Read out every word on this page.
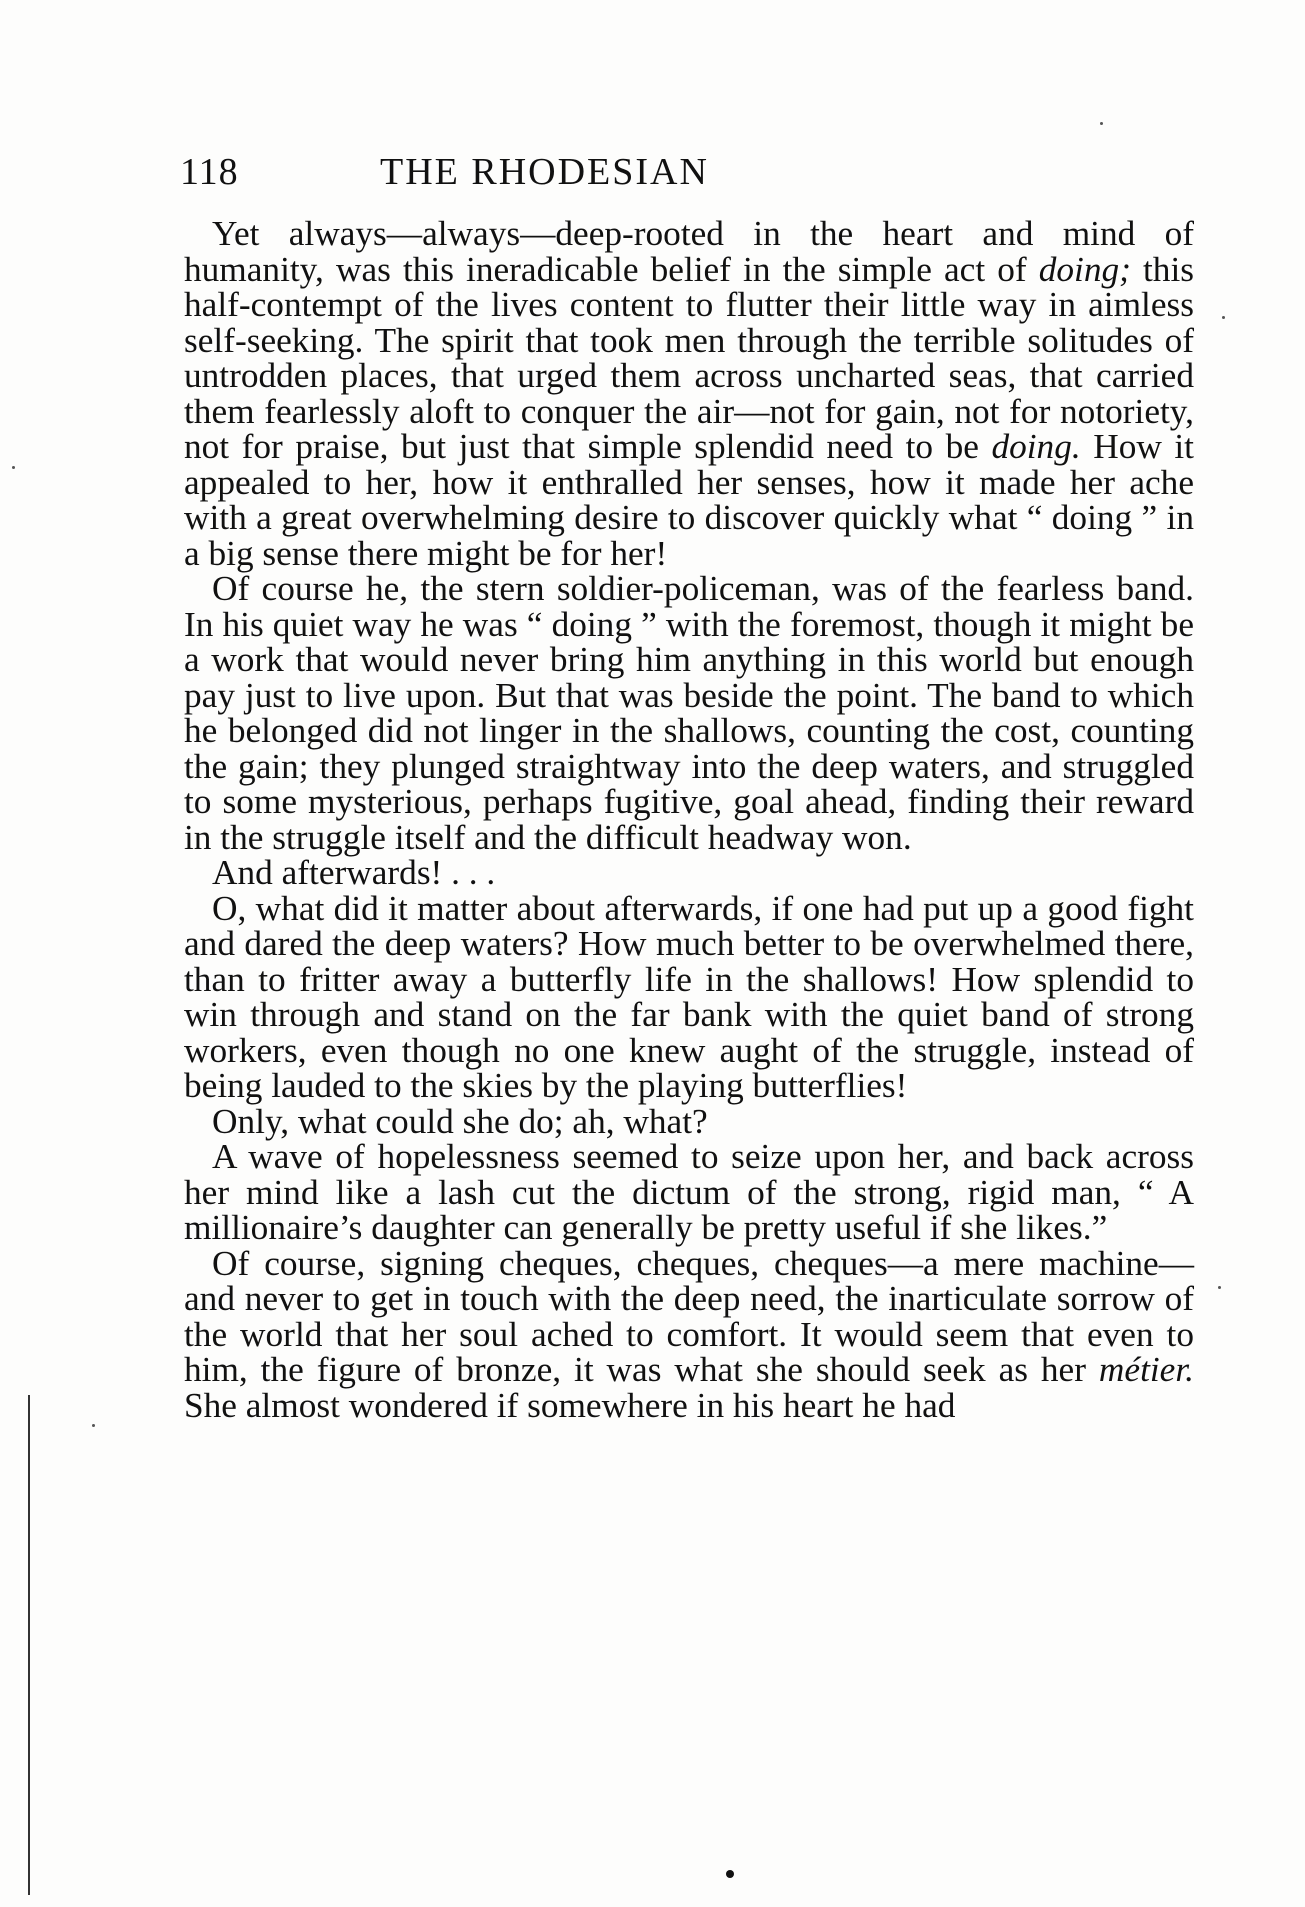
118	THE RHODESIAN

Yet always—always—deep-rooted in the heart and mind of humanity, was this ineradicable belief in the simple act of doing; this half-contempt of the lives content to flutter their little way in aimless self-seeking. The spirit that took men through the terrible solitudes of untrodden places, that urged them across uncharted seas, that carried them fearlessly aloft to conquer the air—not for gain, not for notoriety, not for praise, but just that simple splendid need to be doing. How it appealed to her, how it enthralled her senses, how it made her ache with a great overwhelming desire to discover quickly what “ doing ” in a big sense there might be for her!

Of course he, the stern soldier-policeman, was of the fearless band. In his quiet way he was “ doing ” with the foremost, though it might be a work that would never bring him anything in this world but enough pay just to live upon. But that was beside the point. The band to which he belonged did not linger in the shallows, counting the cost, counting the gain; they plunged straightway into the deep waters, and struggled to some mysterious, perhaps fugitive, goal ahead, finding their reward in the struggle itself and the difficult headway won.

And afterwards! . . .

O, what did it matter about afterwards, if one had put up a good fight and dared the deep waters? How much better to be overwhelmed there, than to fritter away a butterfly life in the shallows! How splendid to win through and stand on the far bank with the quiet band of strong workers, even though no one knew aught of the struggle, instead of being lauded to the skies by the playing butterflies!

Only, what could she do; ah, what?

A wave of hopelessness seemed to seize upon her, and back across her mind like a lash cut the dictum of the strong, rigid man, “ A millionaire’s daughter can generally be pretty useful if she likes.”

Of course, signing cheques, cheques, cheques—a mere machine—and never to get in touch with the deep need, the inarticulate sorrow of the world that her soul ached to comfort. It would seem that even to him, the figure of bronze, it was what she should seek as her métier. She almost wondered if somewhere in his heart he had
